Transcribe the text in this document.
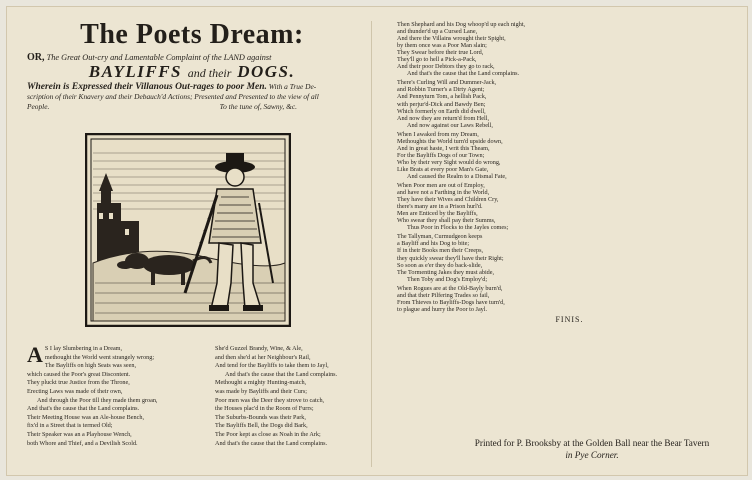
The Poets Dream:
OR, The Great Out-cry and Lamentable Complaint of the LAND against
BAYLIFFS and their DOGS.
Wherein is Expressed their Villanous Out-rages to poor Men. With a True De-
scription of their Knavery and their Debauch'd Actions; Presented and Presented to the view of all
People.	To the tune of, Sawny, &c.
A S I lay Slumbering in a Dream,
methought the World went strangely wrong;
The Bayliffs on high Seats was seen,
which caused the Poor's great Discontent.
They pluckt true Justice from the Throne,
Erecting Laws was made of their own,
And through the Poor till they made them groan,
And that's the cause that the Land complains.
Their Meeting House was an Ale-house Bench,
fix'd in a Street that is termed Old;
Their Speaker was an a Playhouse Wench,
both Whore and Thief, and a Devilish Scold.
She'd Guzzel Brandy, Wine, & Ale,
and then she'd at her Neighbour's Rail,
And tend for the Bayliffs to take them to Jayl,
And that's the cause that the Land complains.
Methought a mighty Hunting-match,
was made by Bayliffs and their Curs;
Poor men was the Deer they strove to catch,
the Houses plac'd in the Room of Furrs;
The Suburbs-Bounds was their Park,
The Bayliffs Bell, the Dogs did Bark,
The Poor kept as close as Noah in the Ark;
And that's the cause that the Land complains.
Then Shephard and his Dog whoop'd up each night,
and thunder'd up a Cursed Lane,
And there the Villains wrought their Spight,
by them once was a Poor Man slain;
They Swear before their true Lord,
They'll go to hell a Pick-a-Pack,
And their poor Debtors they go to rack,
And that's the cause that the Land complains.
There's Curling Will and Dummer-Jack,
and Robbin Turner's a Dirty Agent;
And Pennyturn Tom, a hellish Pack,
with perjur'd-Dick and Bawdy Ben;
Which formerly on Earth did dwell,
And now they are return'd from Hell,
And now against our Laws Rebell,
When I awaked from my Dream,
Methoughts the World turn'd upside down,
And in great haste, I writ this Theam,
For the Bayliffs Dogs of our Town;
Who by their very Sight would do wrong,
Like Brats at every poor Man's Gate,
And caused the Realm to a Dismal Fate,
When Poor men are out of Employ,
and have not a Farthing in the World,
They have their Wives and Children Cry,
there's many are in a Prison hurl'd.
Men are Enticed by the Bayliffs,
Who swear they shall pay their Summs,
Thus Poor in Flocks to the Jayles comes;
The Tallyman, Curmudgeon keeps
a Bayliff and his Dog to bite;
If in their Books men their Creeps,
they quickly swear they'll have their Right;
So soon as e'er they do back-slide,
The Tormenting Jakes they must abide,
Then Toby and Dog's Employ'd;
When Rogues are at the Old-Bayly burn'd,
and that their Pilfering Trades so fail,
From Thieves to Bayliffs-Dogs have turn'd,
to plague and hurry the Poor to Jayl.
FINIS.
Printed for P. Brooksby at the Golden Ball near the Bear Tavern
in Pye Corner.
